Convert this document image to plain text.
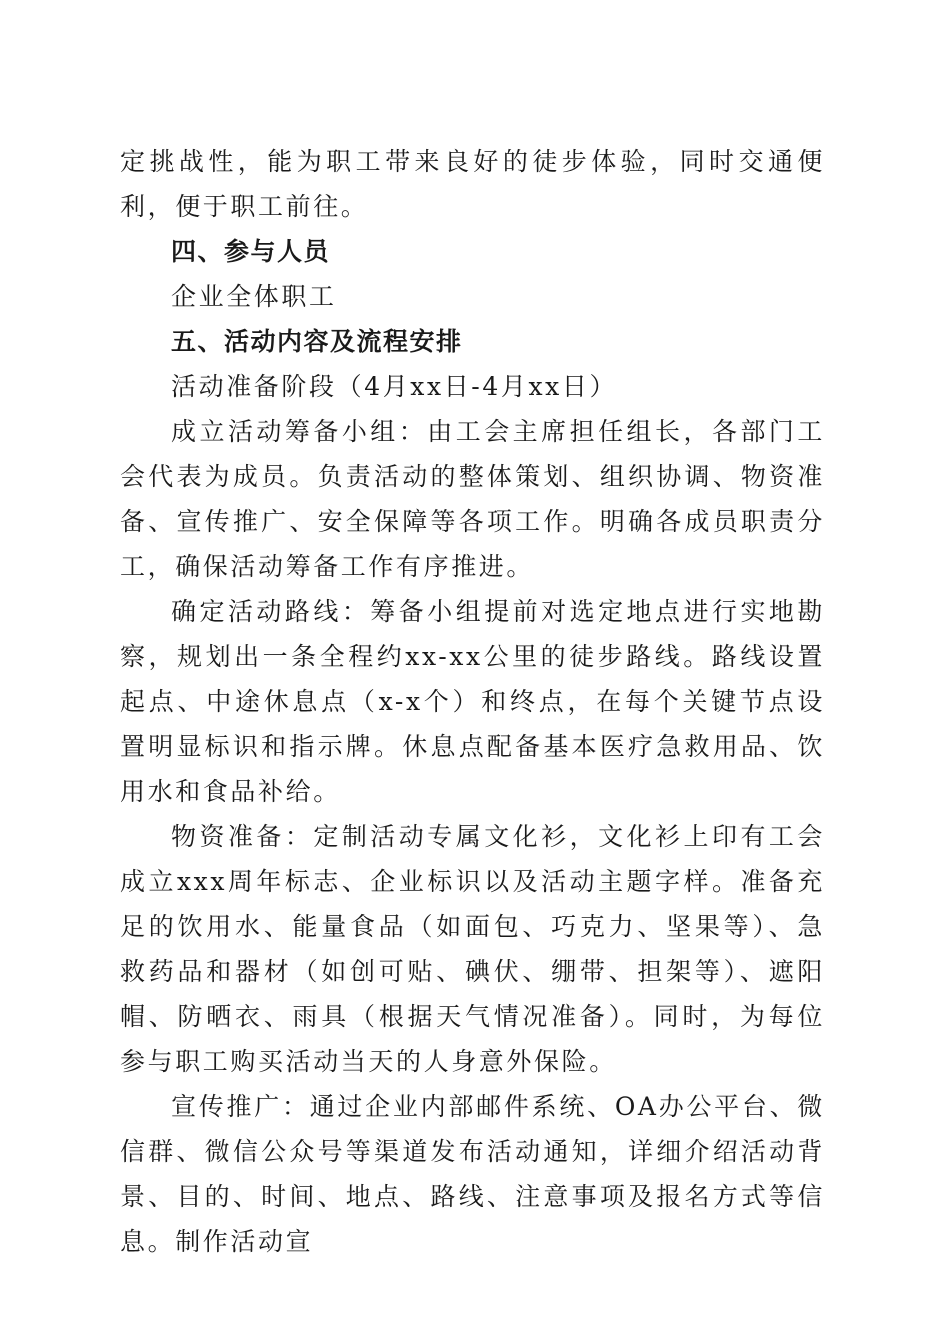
定挑战性，能为职工带来良好的徒步体验，同时交通便利，便于职工前往。

四、参与人员

企业全体职工

五、活动内容及流程安排

活动准备阶段（4月xx日-4月xx日）

成立活动筹备小组：由工会主席担任组长，各部门工会代表为成员。负责活动的整体策划、组织协调、物资准备、宣传推广、安全保障等各项工作。明确各成员职责分工，确保活动筹备工作有序推进。

确定活动路线：筹备小组提前对选定地点进行实地勘察，规划出一条全程约xx-xx公里的徒步路线。路线设置起点、中途休息点（x-x个）和终点，在每个关键节点设置明显标识和指示牌。休息点配备基本医疗急救用品、饮用水和食品补给。

物资准备：定制活动专属文化衫，文化衫上印有工会成立xxx周年标志、企业标识以及活动主题字样。准备充足的饮用水、能量食品（如面包、巧克力、坚果等）、急救药品和器材（如创可贴、碘伏、绷带、担架等）、遮阳帽、防晒衣、雨具（根据天气情况准备）。同时，为每位参与职工购买活动当天的人身意外保险。

宣传推广：通过企业内部邮件系统、OA办公平台、微信群、微信公众号等渠道发布活动通知，详细介绍活动背景、目的、时间、地点、路线、注意事项及报名方式等信息。制作活动宣
